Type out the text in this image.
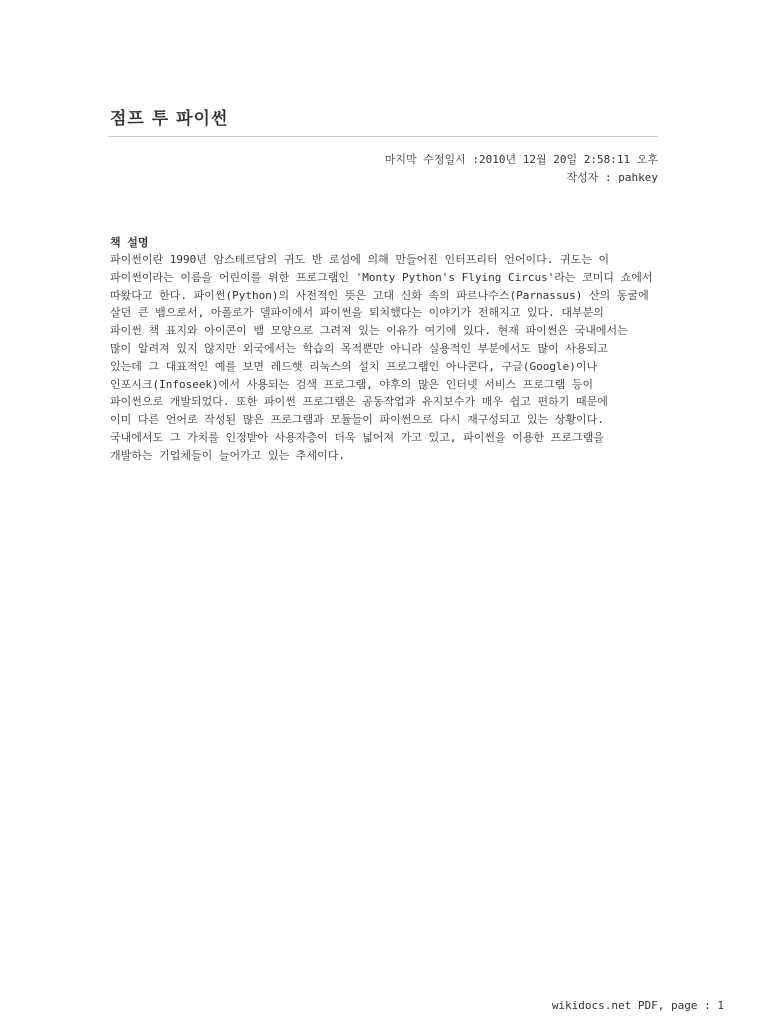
점프 투 파이썬
마지막 수정일시 :2010년 12월 20일 2:58:11 오후
작성자 : pahkey
책 설명
파이썬이란 1990년 암스테르담의 귀도 반 로섬에 의해 만들어진 인터프리터 언어이다. 귀도는 이
파이썬이라는 이름을 어린이를 위한 프로그램인 'Monty Python's Flying Circus'라는 코미디 쇼에서
따왔다고 한다. 파이썬(Python)의 사전적인 뜻은 고대 신화 속의 파르나수스(Parnassus) 산의 동굴에
살던 큰 뱀으로서, 아폴로가 델파이에서 파이썬을 퇴치했다는 이야기가 전해지고 있다. 대부분의
파이썬 책 표지와 아이콘이 뱀 모양으로 그려져 있는 이유가 여기에 있다. 현재 파이썬은 국내에서는
많이 알려져 있지 않지만 외국에서는 학습의 목적뿐만 아니라 실용적인 부분에서도 많이 사용되고
있는데 그 대표적인 예를 보면 레드햇 리눅스의 설치 프로그램인 아나콘다, 구글(Google)이나
인포시크(Infoseek)에서 사용되는 검색 프로그램, 야후의 많은 인터넷 서비스 프로그램 등이
파이썬으로 개발되었다. 또한 파이썬 프로그램은 공동작업과 유지보수가 매우 쉽고 편하기 때문에
이미 다른 언어로 작성된 많은 프로그램과 모듈들이 파이썬으로 다시 재구성되고 있는 상황이다.
국내에서도 그 가치를 인정받아 사용자층이 더욱 넓어져 가고 있고, 파이썬을 이용한 프로그램을
개발하는 기업체들이 늘어가고 있는 추세이다.
wikidocs.net PDF, page : 1
